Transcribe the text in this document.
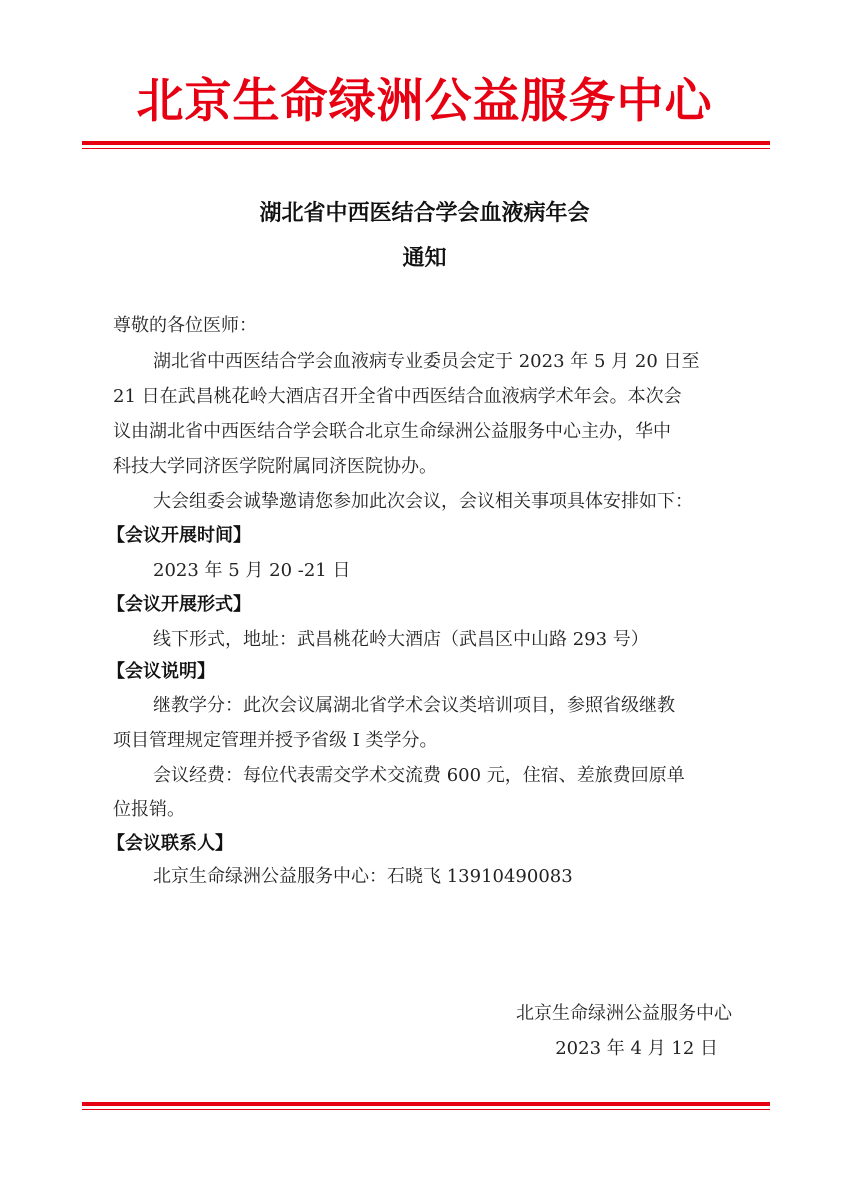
北京生命绿洲公益服务中心
湖北省中西医结合学会血液病年会
通知
尊敬的各位医师：
湖北省中西医结合学会血液病专业委员会定于 2023 年 5 月 20 日至
21 日在武昌桃花岭大酒店召开全省中西医结合血液病学术年会。本次会
议由湖北省中西医结合学会联合北京生命绿洲公益服务中心主办，华中
科技大学同济医学院附属同济医院协办。
大会组委会诚挚邀请您参加此次会议，会议相关事项具体安排如下：
【会议开展时间】
2023 年 5 月 20 -21 日
【会议开展形式】
线下形式，地址：武昌桃花岭大酒店（武昌区中山路 293 号）
【会议说明】
继教学分：此次会议属湖北省学术会议类培训项目，参照省级继教
项目管理规定管理并授予省级 I 类学分。
会议经费：每位代表需交学术交流费 600 元，住宿、差旅费回原单
位报销。
【会议联系人】
北京生命绿洲公益服务中心：石晓飞 13910490083
北京生命绿洲公益服务中心
2023 年 4 月 12 日
